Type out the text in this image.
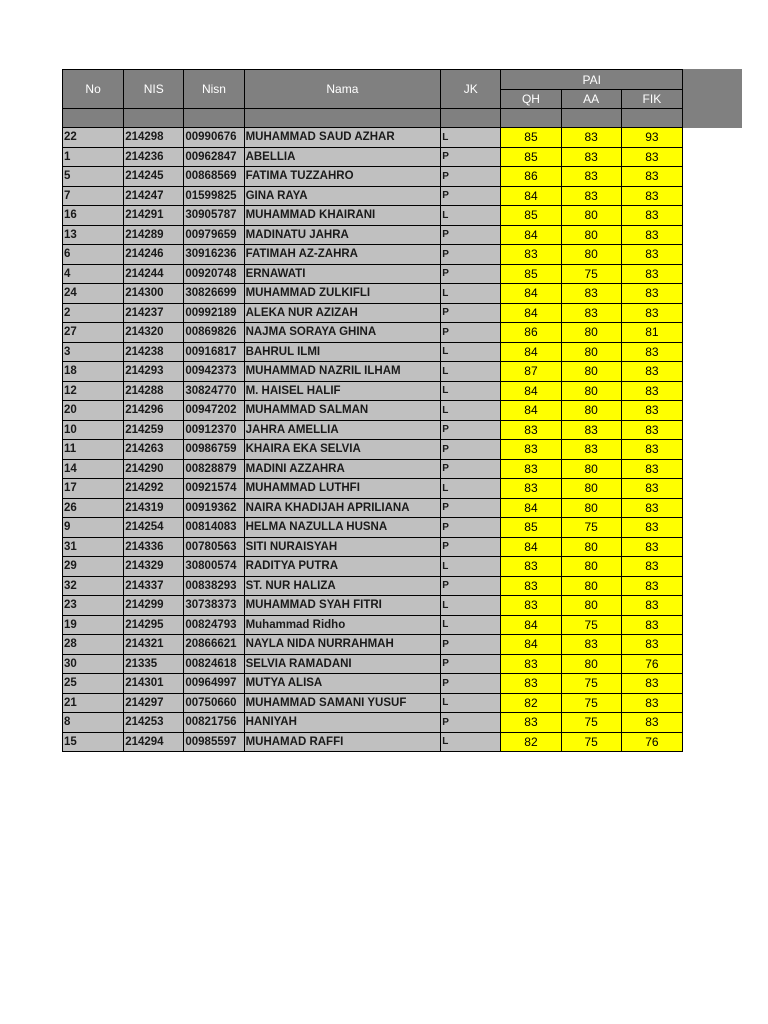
No	NIS	Nisn	Nama	JK	PAI		
					QH	AA	FIK

22	214298	00990676	MUHAMMAD SAUD AZHAR	L	85	83	93
1	214236	00962847	ABELLIA	P	85	83	83
5	214245	00868569	FATIMA TUZZAHRO	P	86	83	83
7	214247	01599825	GINA RAYA	P	84	83	83
16	214291	30905787	MUHAMMAD KHAIRANI	L	85	80	83
13	214289	00979659	MADINATU JAHRA	P	84	80	83
6	214246	30916236	FATIMAH AZ-ZAHRA	P	83	80	83
4	214244	00920748	ERNAWATI	P	85	75	83
24	214300	30826699	MUHAMMAD ZULKIFLI	L	84	83	83
2	214237	00992189	ALEKA NUR AZIZAH	P	84	83	83
27	214320	00869826	NAJMA SORAYA GHINA	P	86	80	81
3	214238	00916817	BAHRUL ILMI	L	84	80	83
18	214293	00942373	MUHAMMAD NAZRIL ILHAM	L	87	80	83
12	214288	30824770	M. HAISEL HALIF	L	84	80	83
20	214296	00947202	MUHAMMAD SALMAN	L	84	80	83
10	214259	00912370	JAHRA AMELLIA	P	83	83	83
11	214263	00986759	KHAIRA EKA SELVIA	P	83	83	83
14	214290	00828879	MADINI AZZAHRA	P	83	80	83
17	214292	00921574	MUHAMMAD LUTHFI	L	83	80	83
26	214319	00919362	NAIRA KHADIJAH APRILIANA	P	84	80	83
9	214254	00814083	HELMA NAZULLA HUSNA	P	85	75	83
31	214336	00780563	SITI NURAISYAH	P	84	80	83
29	214329	30800574	RADITYA PUTRA	L	83	80	83
32	214337	00838293	ST. NUR HALIZA	P	83	80	83
23	214299	30738373	MUHAMMAD SYAH FITRI	L	83	80	83
19	214295	00824793	Muhammad Ridho	L	84	75	83
28	214321	20866621	NAYLA NIDA NURRAHMAH	P	84	83	83
30	21335	00824618	SELVIA RAMADANI	P	83	80	76
25	214301	00964997	MUTYA ALISA	P	83	75	83
21	214297	00750660	MUHAMMAD SAMANI YUSUF	L	82	75	83
8	214253	00821756	HANIYAH	P	83	75	83
15	214294	00985597	MUHAMAD RAFFI	L	82	75	76
